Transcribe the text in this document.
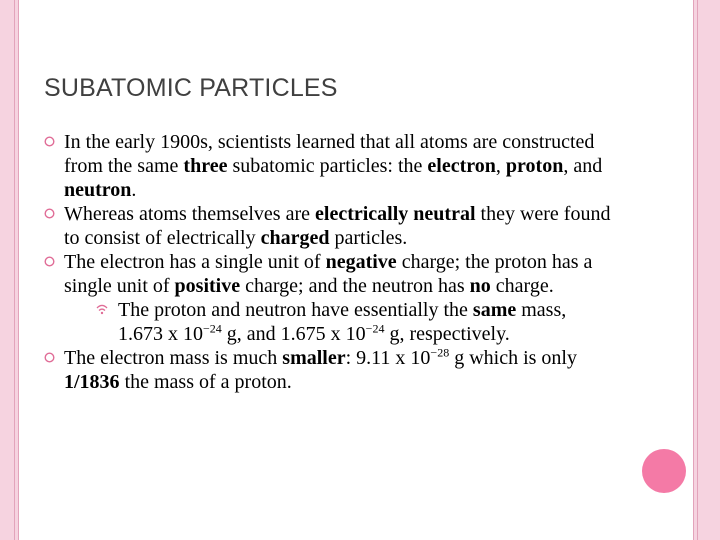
SUBATOMIC PARTICLES
In the early 1900s, scientists learned that all atoms are constructed from the same three subatomic particles: the electron, proton, and neutron.
Whereas atoms themselves are electrically neutral they were found to consist of electrically charged particles.
The electron has a single unit of negative charge; the proton has a single unit of positive charge; and the neutron has no charge.
The proton and neutron have essentially the same mass, 1.673 x $10^{-24}$ g, and 1.675 x $10^{-24}$ g, respectively.
The electron mass is much smaller: 9.11 x $10^{-28}$ g which is only 1/1836 the mass of a proton.
